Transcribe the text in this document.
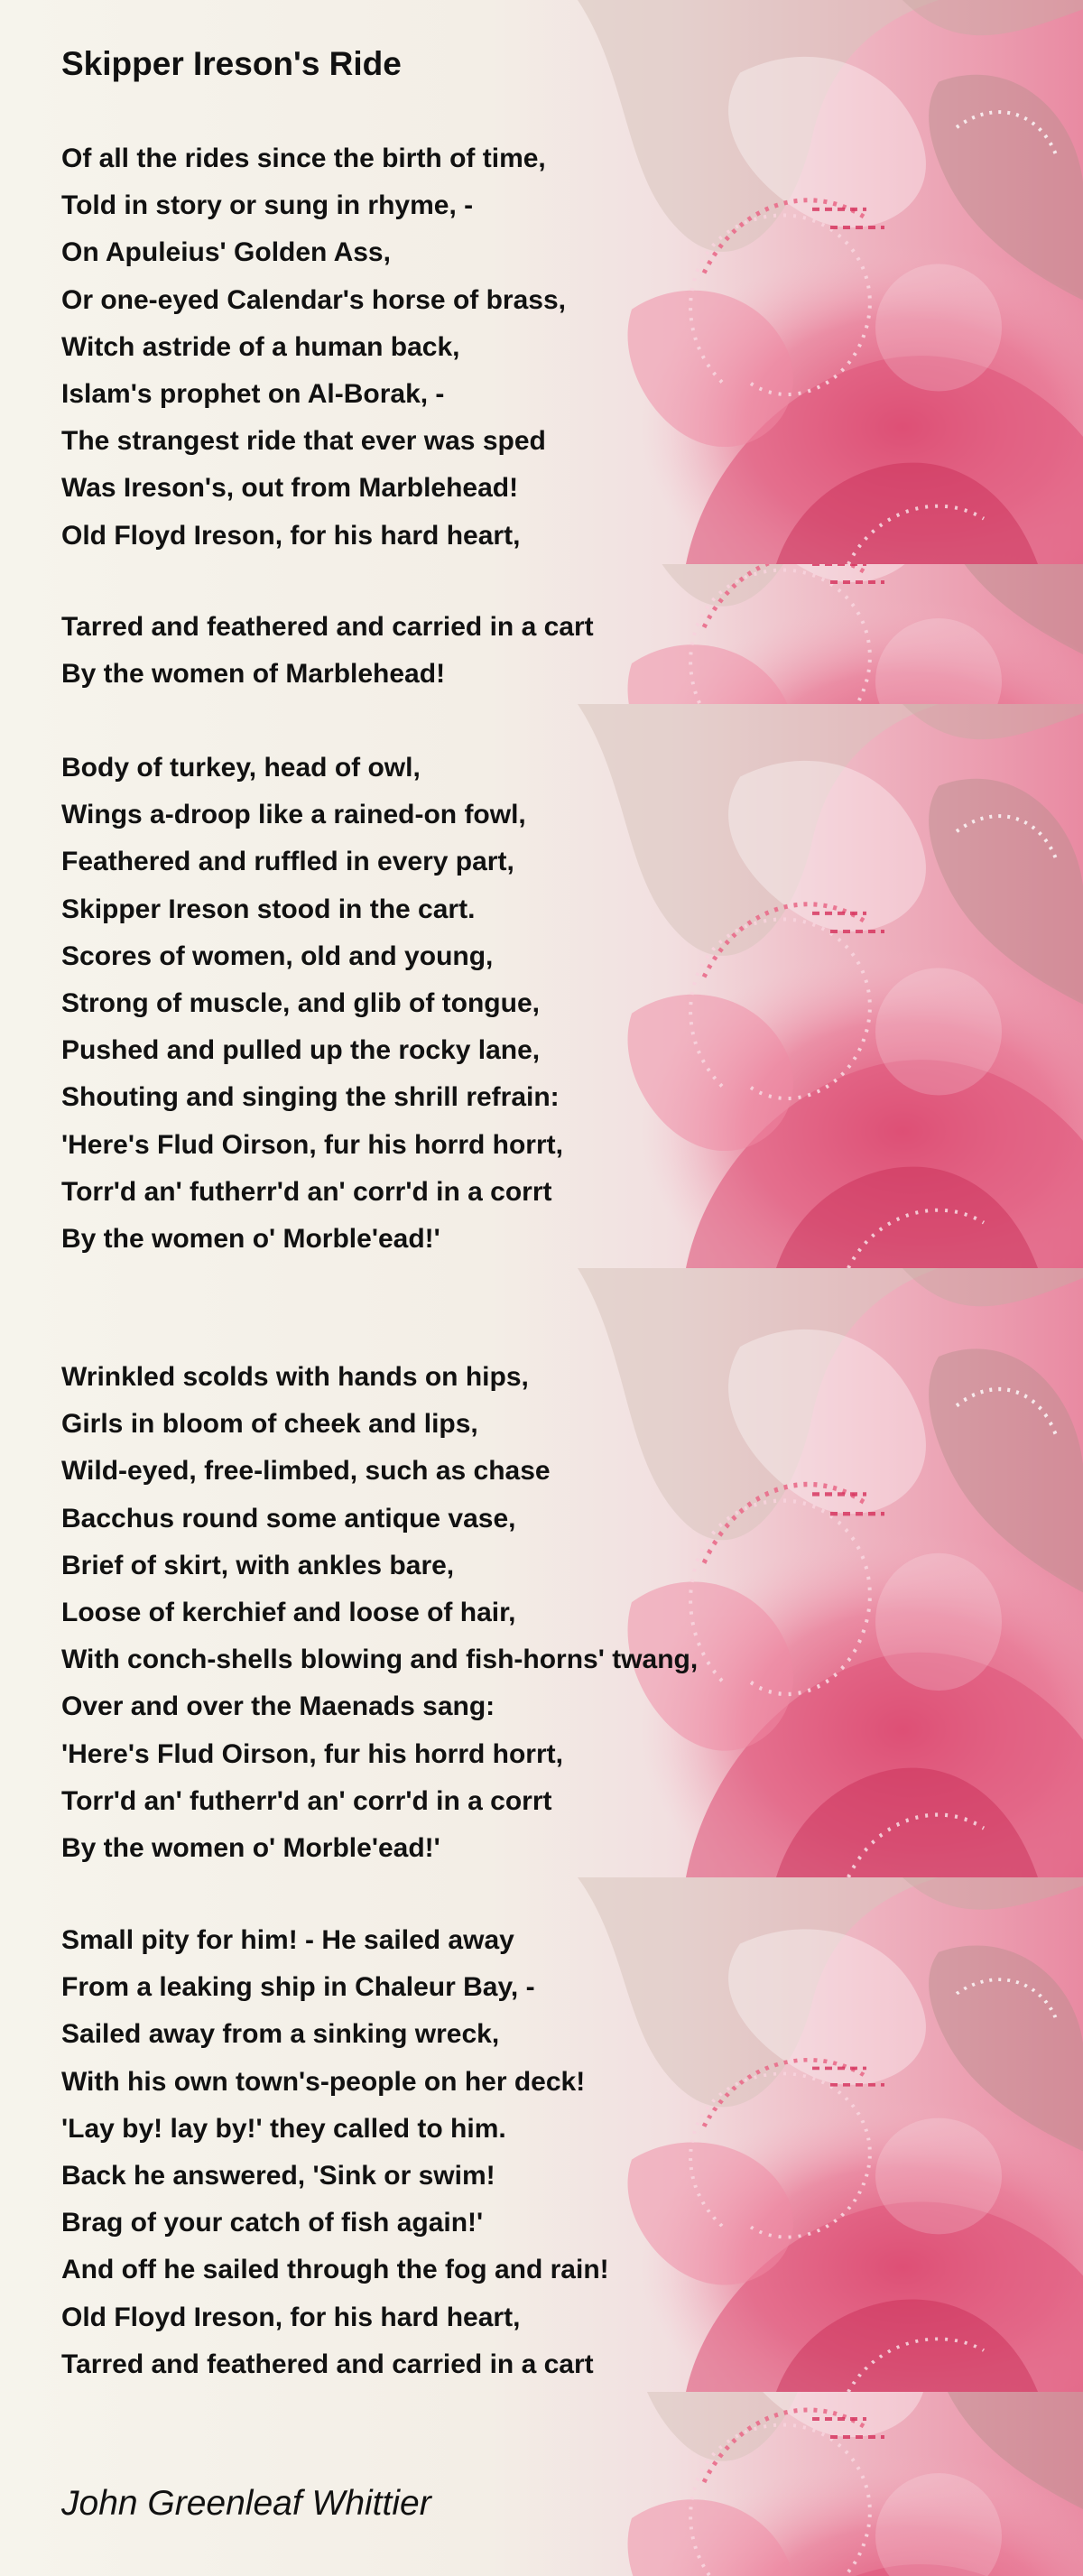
Skipper Ireson's Ride
Of all the rides since the birth of time,
Told in story or sung in rhyme, -
On Apuleius' Golden Ass,
Or one-eyed Calendar's horse of brass,
Witch astride of a human back,
Islam's prophet on Al-Borak, -
The strangest ride that ever was sped
Was Ireson's, out from Marblehead!
Old Floyd Ireson, for his hard heart,
Tarred and feathered and carried in a cart
By the women of Marblehead!
Body of turkey, head of owl,
Wings a-droop like a rained-on fowl,
Feathered and ruffled in every part,
Skipper Ireson stood in the cart.
Scores of women, old and young,
Strong of muscle, and glib of tongue,
Pushed and pulled up the rocky lane,
Shouting and singing the shrill refrain:
'Here's Flud Oirson, fur his horrd horrt,
Torr'd an' futherr'd an' corr'd in a corrt
By the women o' Morble'ead!'
Wrinkled scolds with hands on hips,
Girls in bloom of cheek and lips,
Wild-eyed, free-limbed, such as chase
Bacchus round some antique vase,
Brief of skirt, with ankles bare,
Loose of kerchief and loose of hair,
With conch-shells blowing and fish-horns' twang,
Over and over the Maenads sang:
'Here's Flud Oirson, fur his horrd horrt,
Torr'd an' futherr'd an' corr'd in a corrt
By the women o' Morble'ead!'
Small pity for him! - He sailed away
From a leaking ship in Chaleur Bay, -
Sailed away from a sinking wreck,
With his own town's-people on her deck!
'Lay by! lay by!' they called to him.
Back he answered, 'Sink or swim!
Brag of your catch of fish again!'
And off he sailed through the fog and rain!
Old Floyd Ireson, for his hard heart,
Tarred and feathered and carried in a cart
John Greenleaf Whittier
